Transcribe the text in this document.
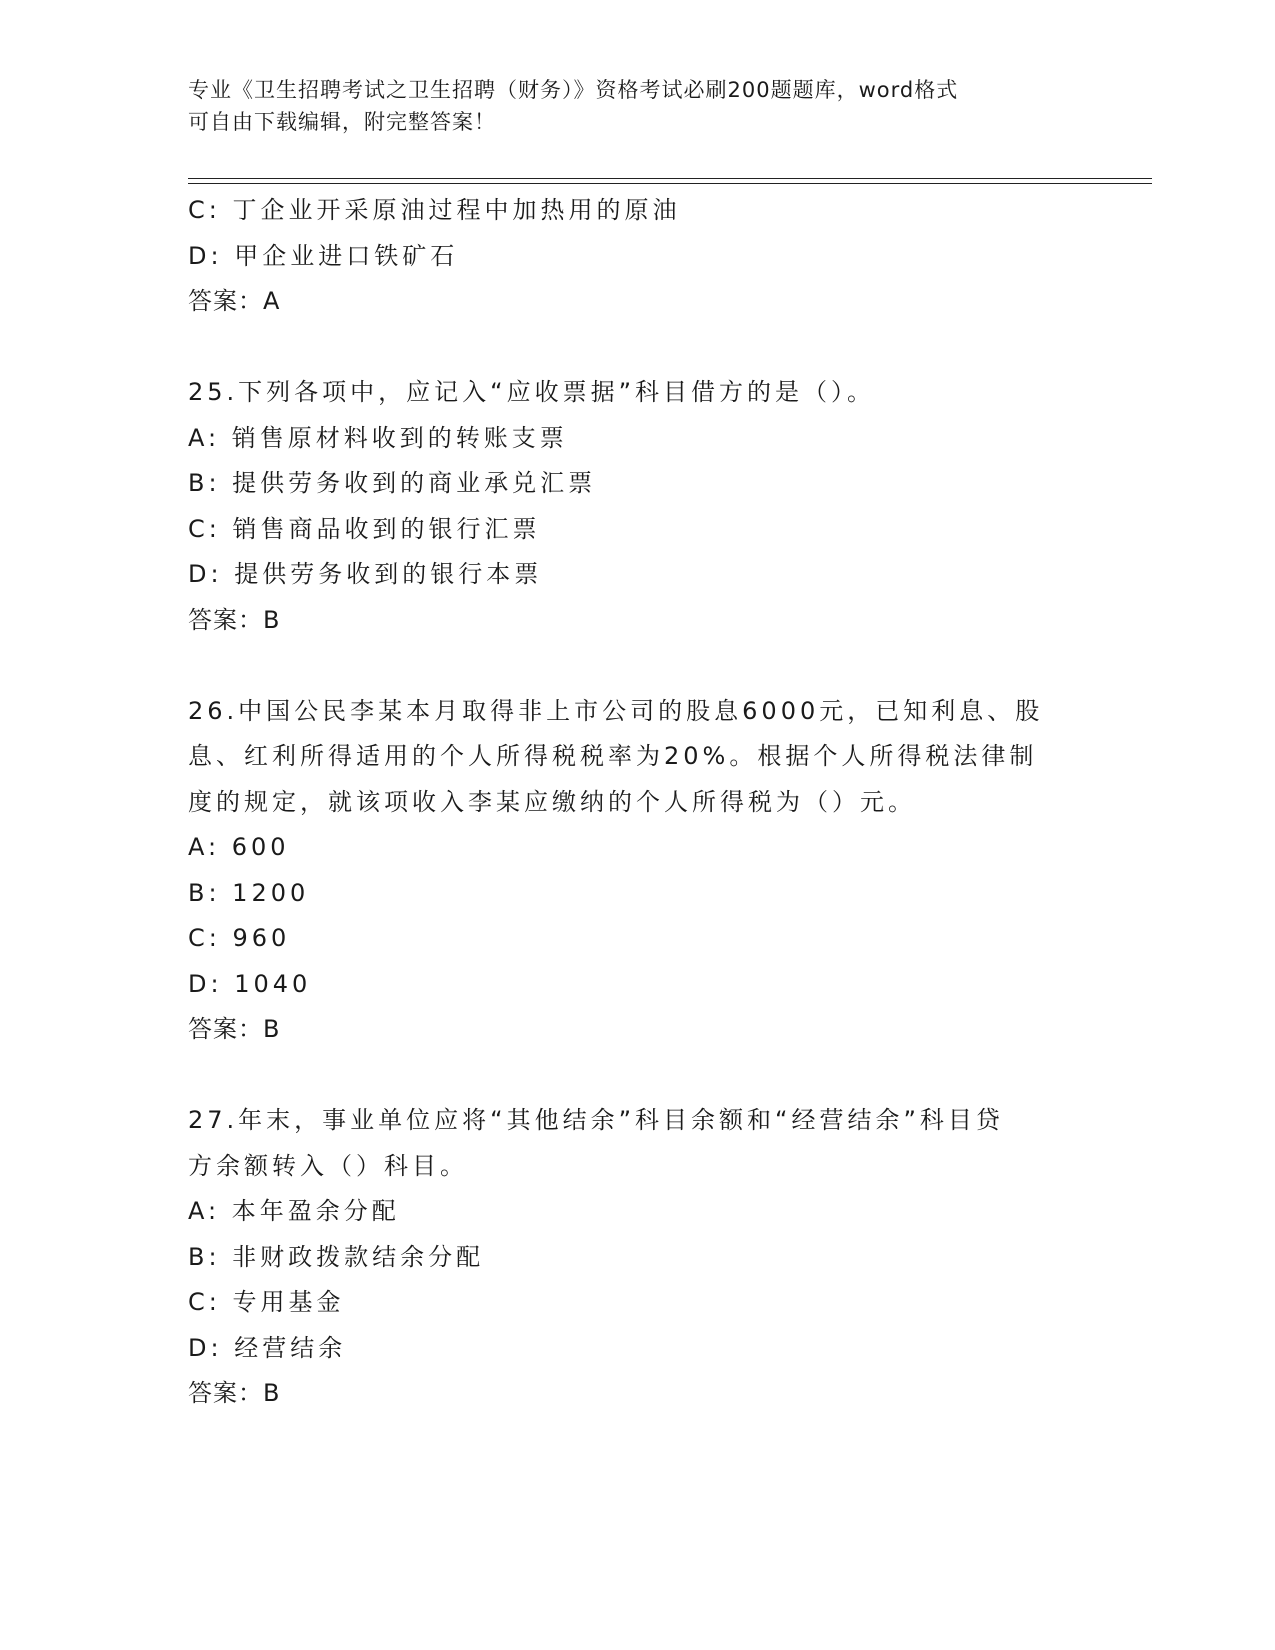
专业《卫生招聘考试之卫生招聘（财务）》资格考试必刷200题题库，word格式
可自由下载编辑，附完整答案！
C: 丁企业开采原油过程中加热用的原油
D: 甲企业进口铁矿石
答案：A
25.下列各项中，应记入“应收票据”科目借方的是（）。
A: 销售原材料收到的转账支票
B: 提供劳务收到的商业承兑汇票
C: 销售商品收到的银行汇票
D: 提供劳务收到的银行本票
答案：B
26.中国公民李某本月取得非上市公司的股息6000元，已知利息、股
息、红利所得适用的个人所得税税率为20%。根据个人所得税法律制
度的规定，就该项收入李某应缴纳的个人所得税为（）元。
A: 600
B: 1200
C: 960
D: 1040
答案：B
27.年末，事业单位应将“其他结余”科目余额和“经营结余”科目贷
方余额转入（）科目。
A: 本年盈余分配
B: 非财政拨款结余分配
C: 专用基金
D: 经营结余
答案：B
